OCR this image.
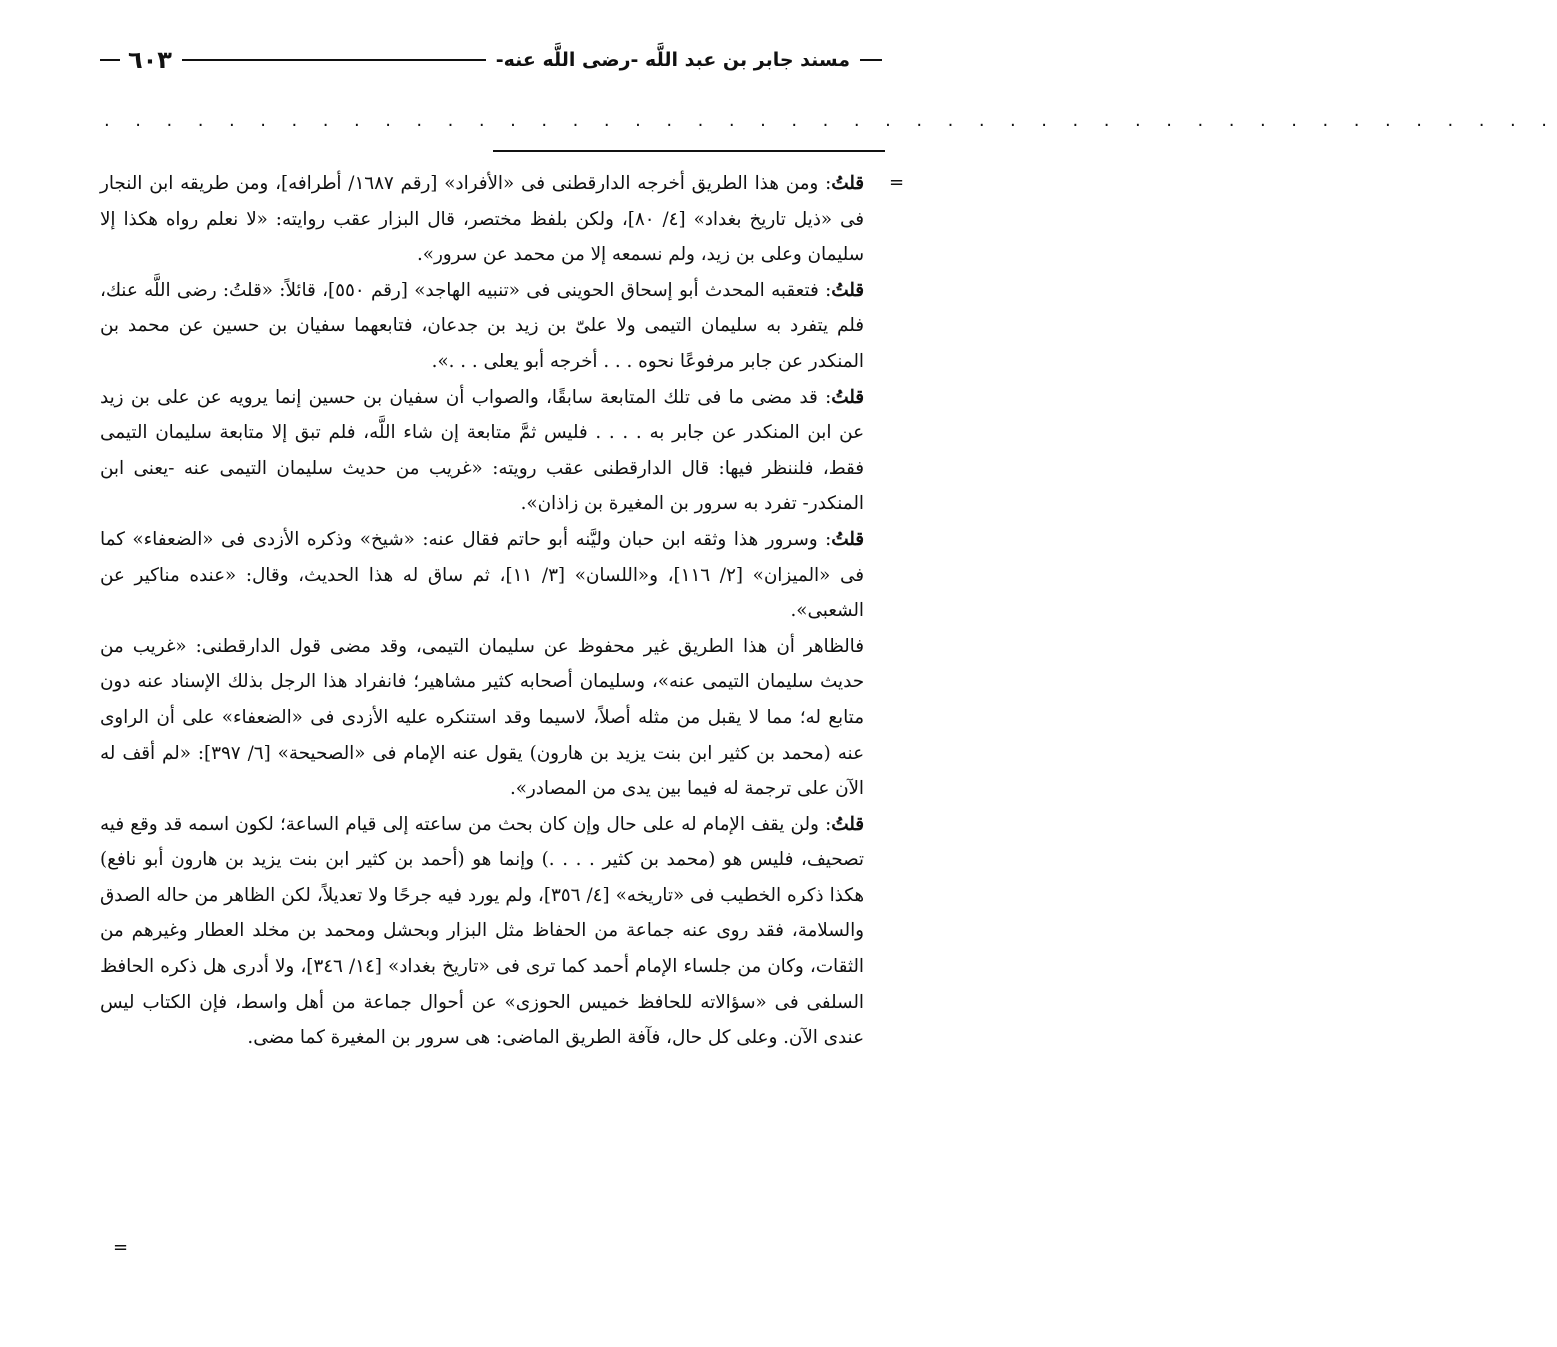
مسند جابر بن عبد اللَّه -رضى اللَّه عنه-
٦٠٣
. . . . . . . . . . . . . . . . . . . . . . . . . . . . . . . . . . . . . . . . . . . . . . .
=
=

قلتُ: ومن هذا الطريق أخرجه الدارقطنى فى «الأفراد» [رقم ١٦٨٧/ أطرافه]، ومن طريقه ابن النجار فى «ذيل تاريخ بغداد» [٤/ ٨٠]، ولكن بلفظ مختصر، قال البزار عقب روايته: «لا نعلم رواه هكذا إلا سليمان وعلى بن زيد، ولم نسمعه إلا من محمد عن سرور».

قلتُ: فتعقبه المحدث أبو إسحاق الحوينى فى «تنبيه الهاجد» [رقم ٥٥٠]، قائلاً: «قلتُ: رضى اللَّه عنك، فلم يتفرد به سليمان التيمى ولا علىّ بن زيد بن جدعان، فتابعهما سفيان بن حسين عن محمد بن المنكدر عن جابر مرفوعًا نحوه . . . أخرجه أبو يعلى . . .».

قلتُ: قد مضى ما فى تلك المتابعة سابقًا، والصواب أن سفيان بن حسين إنما يرويه عن على بن زيد عن ابن المنكدر عن جابر به . . . . فليس ثمَّ متابعة إن شاء اللَّه، فلم تبق إلا متابعة سليمان التيمى فقط، فلننظر فيها: قال الدارقطنى عقب رويته: «غريب من حديث سليمان التيمى عنه -يعنى ابن المنكدر- تفرد به سرور بن المغيرة بن زاذان».

قلتُ: وسرور هذا وثقه ابن حبان وليَّنه أبو حاتم فقال عنه: «شيخ» وذكره الأزدى فى «الضعفاء» كما فى «الميزان» [٢/ ١١٦]، و«اللسان» [٣/ ١١]، ثم ساق له هذا الحديث، وقال: «عنده مناكير عن الشعبى».

فالظاهر أن هذا الطريق غير محفوظ عن سليمان التيمى، وقد مضى قول الدارقطنى: «غريب من حديث سليمان التيمى عنه»، وسليمان أصحابه كثير مشاهير؛ فانفراد هذا الرجل بذلك الإسناد عنه دون متابع له؛ مما لا يقبل من مثله أصلاً، لاسيما وقد استنكره عليه الأزدى فى «الضعفاء» على أن الراوى عنه (محمد بن كثير ابن بنت يزيد بن هارون) يقول عنه الإمام فى «الصحيحة» [٦/ ٣٩٧]: «لم أقف له الآن على ترجمة له فيما بين يدى من المصادر».

قلتُ: ولن يقف الإمام له على حال وإن كان بحث من ساعته إلى قيام الساعة؛ لكون اسمه قد وقع فيه تصحيف، فليس هو (محمد بن كثير . . . .) وإنما هو (أحمد بن كثير ابن بنت يزيد بن هارون أبو نافع) هكذا ذكره الخطيب فى «تاريخه» [٤/ ٣٥٦]، ولم يورد فيه جرحًا ولا تعديلاً، لكن الظاهر من حاله الصدق والسلامة، فقد روى عنه جماعة من الحفاظ مثل البزار وبحشل ومحمد بن مخلد العطار وغيرهم من الثقات، وكان من جلساء الإمام أحمد كما ترى فى «تاريخ بغداد» [١٤/ ٣٤٦]، ولا أدرى هل ذكره الحافظ السلفى فى «سؤالاته للحافظ خميس الحوزى» عن أحوال جماعة من أهل واسط، فإن الكتاب ليس عندى الآن. وعلى كل حال، فآفة الطريق الماضى: هى سرور بن المغيرة كما مضى.
